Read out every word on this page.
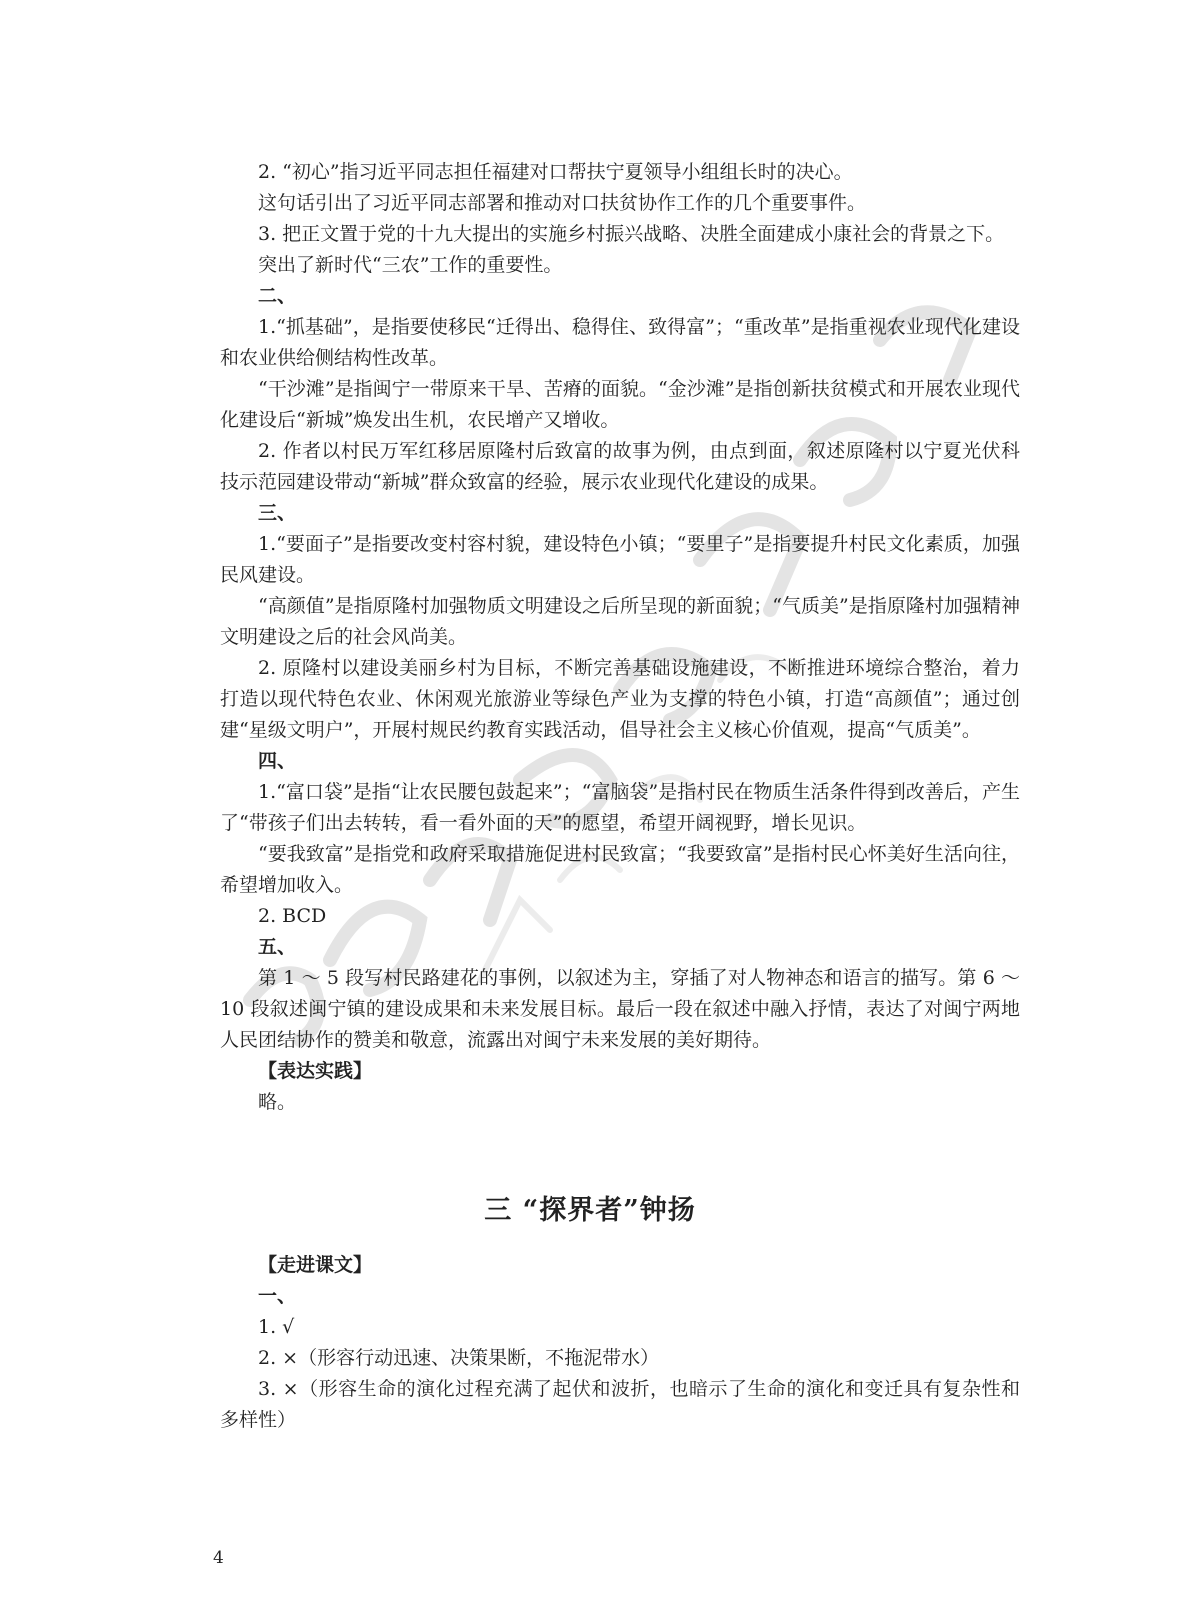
2. “初心”指习近平同志担任福建对口帮扶宁夏领导小组组长时的决心。

这句话引出了习近平同志部署和推动对口扶贫协作工作的几个重要事件。

3. 把正文置于党的十九大提出的实施乡村振兴战略、决胜全面建成小康社会的背景之下。

突出了新时代“三农”工作的重要性。

二、

1.“抓基础”，是指要使移民“迁得出、稳得住、致得富”；“重改革”是指重视农业现代化建设和农业供给侧结构性改革。

“干沙滩”是指闽宁一带原来干旱、苦瘠的面貌。“金沙滩”是指创新扶贫模式和开展农业现代化建设后“新城”焕发出生机，农民增产又增收。

2. 作者以村民万军红移居原隆村后致富的故事为例，由点到面，叙述原隆村以宁夏光伏科技示范园建设带动“新城”群众致富的经验，展示农业现代化建设的成果。

三、

1.“要面子”是指要改变村容村貌，建设特色小镇；“要里子”是指要提升村民文化素质，加强民风建设。

“高颜值”是指原隆村加强物质文明建设之后所呈现的新面貌；“气质美”是指原隆村加强精神文明建设之后的社会风尚美。

2. 原隆村以建设美丽乡村为目标，不断完善基础设施建设，不断推进环境综合整治，着力打造以现代特色农业、休闲观光旅游业等绿色产业为支撑的特色小镇，打造“高颜值”；通过创建“星级文明户”，开展村规民约教育实践活动，倡导社会主义核心价值观，提高“气质美”。

四、

1.“富口袋”是指“让农民腰包鼓起来”；“富脑袋”是指村民在物质生活条件得到改善后，产生了“带孩子们出去转转，看一看外面的天”的愿望，希望开阔视野，增长见识。

“要我致富”是指党和政府采取措施促进村民致富；“我要致富”是指村民心怀美好生活向往，希望增加收入。

2. BCD

五、

第 1 ～ 5 段写村民路建花的事例，以叙述为主，穿插了对人物神态和语言的描写。第 6 ～ 10 段叙述闽宁镇的建设成果和未来发展目标。最后一段在叙述中融入抒情，表达了对闽宁两地人民团结协作的赞美和敬意，流露出对闽宁未来发展的美好期待。

【表达实践】

略。

三 “探界者”钟扬

【走进课文】

一、

1. √

2. ×（形容行动迅速、决策果断，不拖泥带水）

3. ×（形容生命的演化过程充满了起伏和波折，也暗示了生命的演化和变迁具有复杂性和多样性）

4
